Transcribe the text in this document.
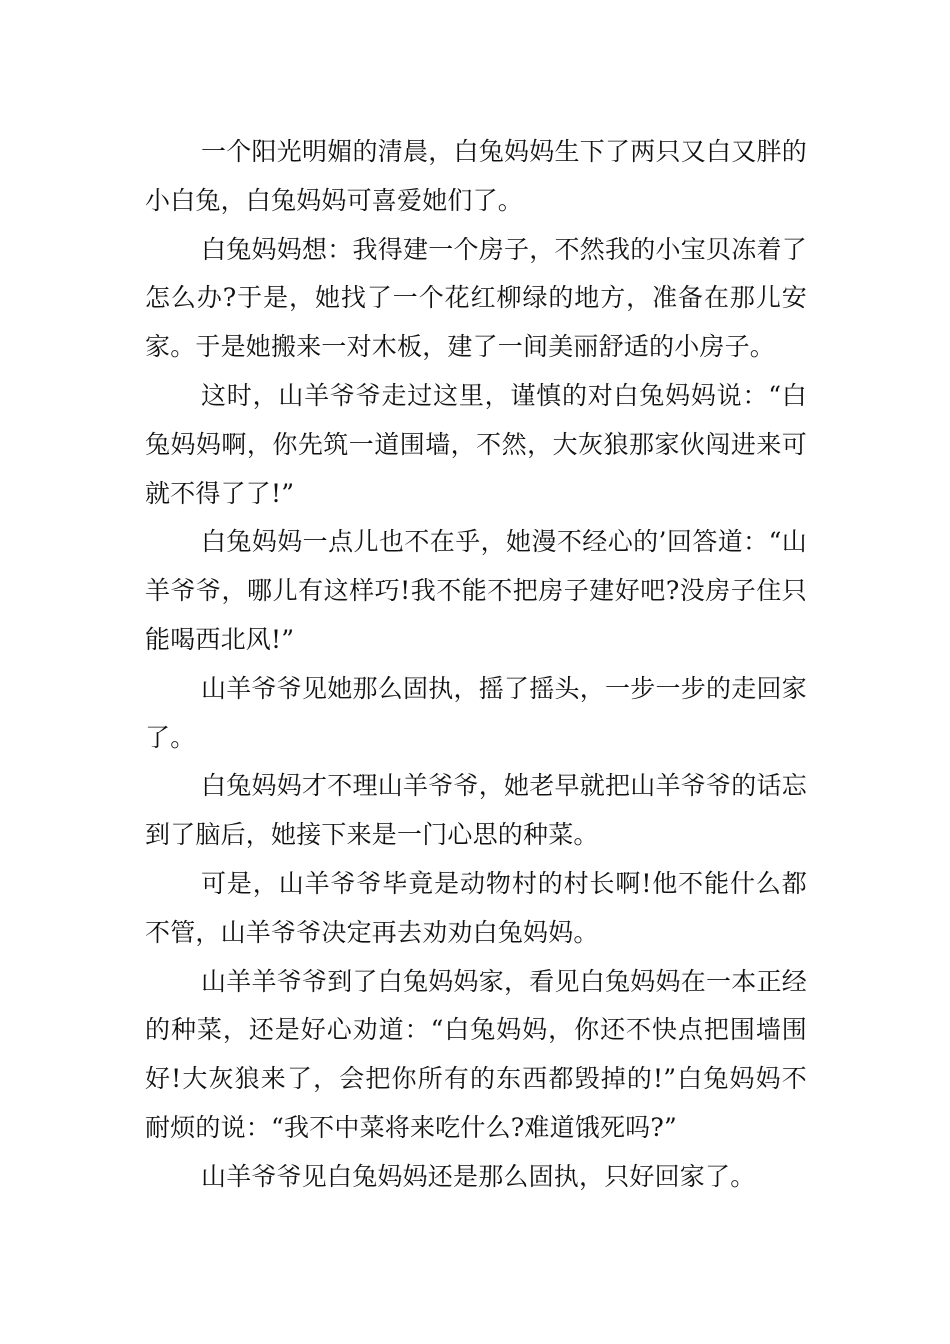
一个阳光明媚的清晨，白兔妈妈生下了两只又白又胖的小白兔，白兔妈妈可喜爱她们了。

白兔妈妈想：我得建一个房子，不然我的小宝贝冻着了怎么办?于是，她找了一个花红柳绿的地方，准备在那儿安家。于是她搬来一对木板，建了一间美丽舒适的小房子。

这时，山羊爷爷走过这里，谨慎的对白兔妈妈说：“白兔妈妈啊，你先筑一道围墙，不然，大灰狼那家伙闯进来可就不得了了!”

白兔妈妈一点儿也不在乎，她漫不经心的’回答道：“山羊爷爷，哪儿有这样巧!我不能不把房子建好吧?没房子住只能喝西北风!”

山羊爷爷见她那么固执，摇了摇头，一步一步的走回家了。

白兔妈妈才不理山羊爷爷，她老早就把山羊爷爷的话忘到了脑后，她接下来是一门心思的种菜。

可是，山羊爷爷毕竟是动物村的村长啊!他不能什么都不管，山羊爷爷决定再去劝劝白兔妈妈。

山羊羊爷爷到了白兔妈妈家，看见白兔妈妈在一本正经的种菜，还是好心劝道：“白兔妈妈，你还不快点把围墙围好!大灰狼来了，会把你所有的东西都毁掉的!”白兔妈妈不耐烦的说：“我不中菜将来吃什么?难道饿死吗?”

山羊爷爷见白兔妈妈还是那么固执，只好回家了。
